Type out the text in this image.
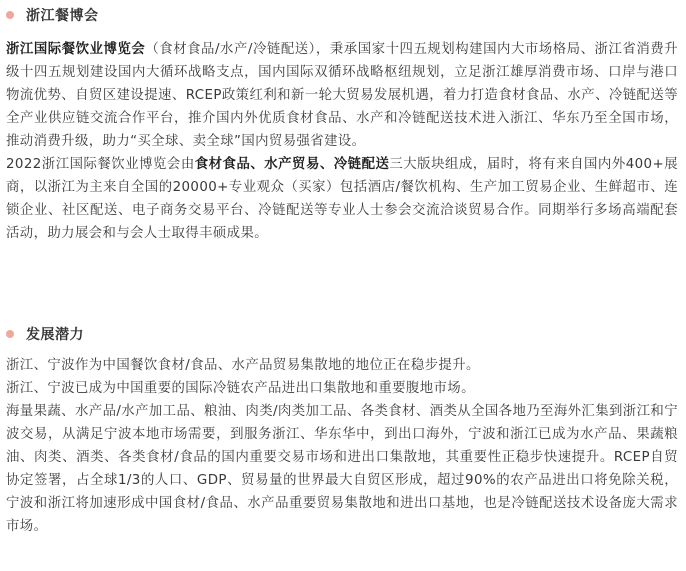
浙江餐博会

浙江国际餐饮业博览会（食材食品/水产/冷链配送），秉承国家十四五规划构建国内大市场格局、浙江省消费升级十四五规划建设国内大循环战略支点，国内国际双循环战略枢纽规划，立足浙江雄厚消费市场、口岸与港口物流优势、自贸区建设提速、RCEP政策红利和新一轮大贸易发展机遇，着力打造食材食品、水产、冷链配送等全产业供应链交流合作平台，推介国内外优质食材食品、水产和冷链配送技术进入浙江、华东乃至全国市场，推动消费升级，助力“买全球、卖全球”国内贸易强省建设。

2022浙江国际餐饮业博览会由食材食品、水产贸易、冷链配送三大版块组成，届时，将有来自国内外400+展商，以浙江为主来自全国的20000+专业观众（买家）包括酒店/餐饮机构、生产加工贸易企业、生鲜超市、连锁企业、社区配送、电子商务交易平台、冷链配送等专业人士参会交流洽谈贸易合作。同期举行多场高端配套活动，助力展会和与会人士取得丰硕成果。

发展潜力

浙江、宁波作为中国餐饮食材/食品、水产品贸易集散地的地位正在稳步提升。

浙江、宁波已成为中国重要的国际冷链农产品进出口集散地和重要腹地市场。

海量果蔬、水产品/水产加工品、粮油、肉类/肉类加工品、各类食材、酒类从全国各地乃至海外汇集到浙江和宁波交易，从满足宁波本地市场需要，到服务浙江、华东华中，到出口海外，宁波和浙江已成为水产品、果蔬粮油、肉类、酒类、各类食材/食品的国内重要交易市场和进出口集散地，其重要性正稳步快速提升。RCEP自贸协定签署，占全球1/3的人口、GDP、贸易量的世界最大自贸区形成，超过90%的农产品进出口将免除关税，宁波和浙江将加速形成中国食材/食品、水产品重要贸易集散地和进出口基地，也是冷链配送技术设备庞大需求市场。
